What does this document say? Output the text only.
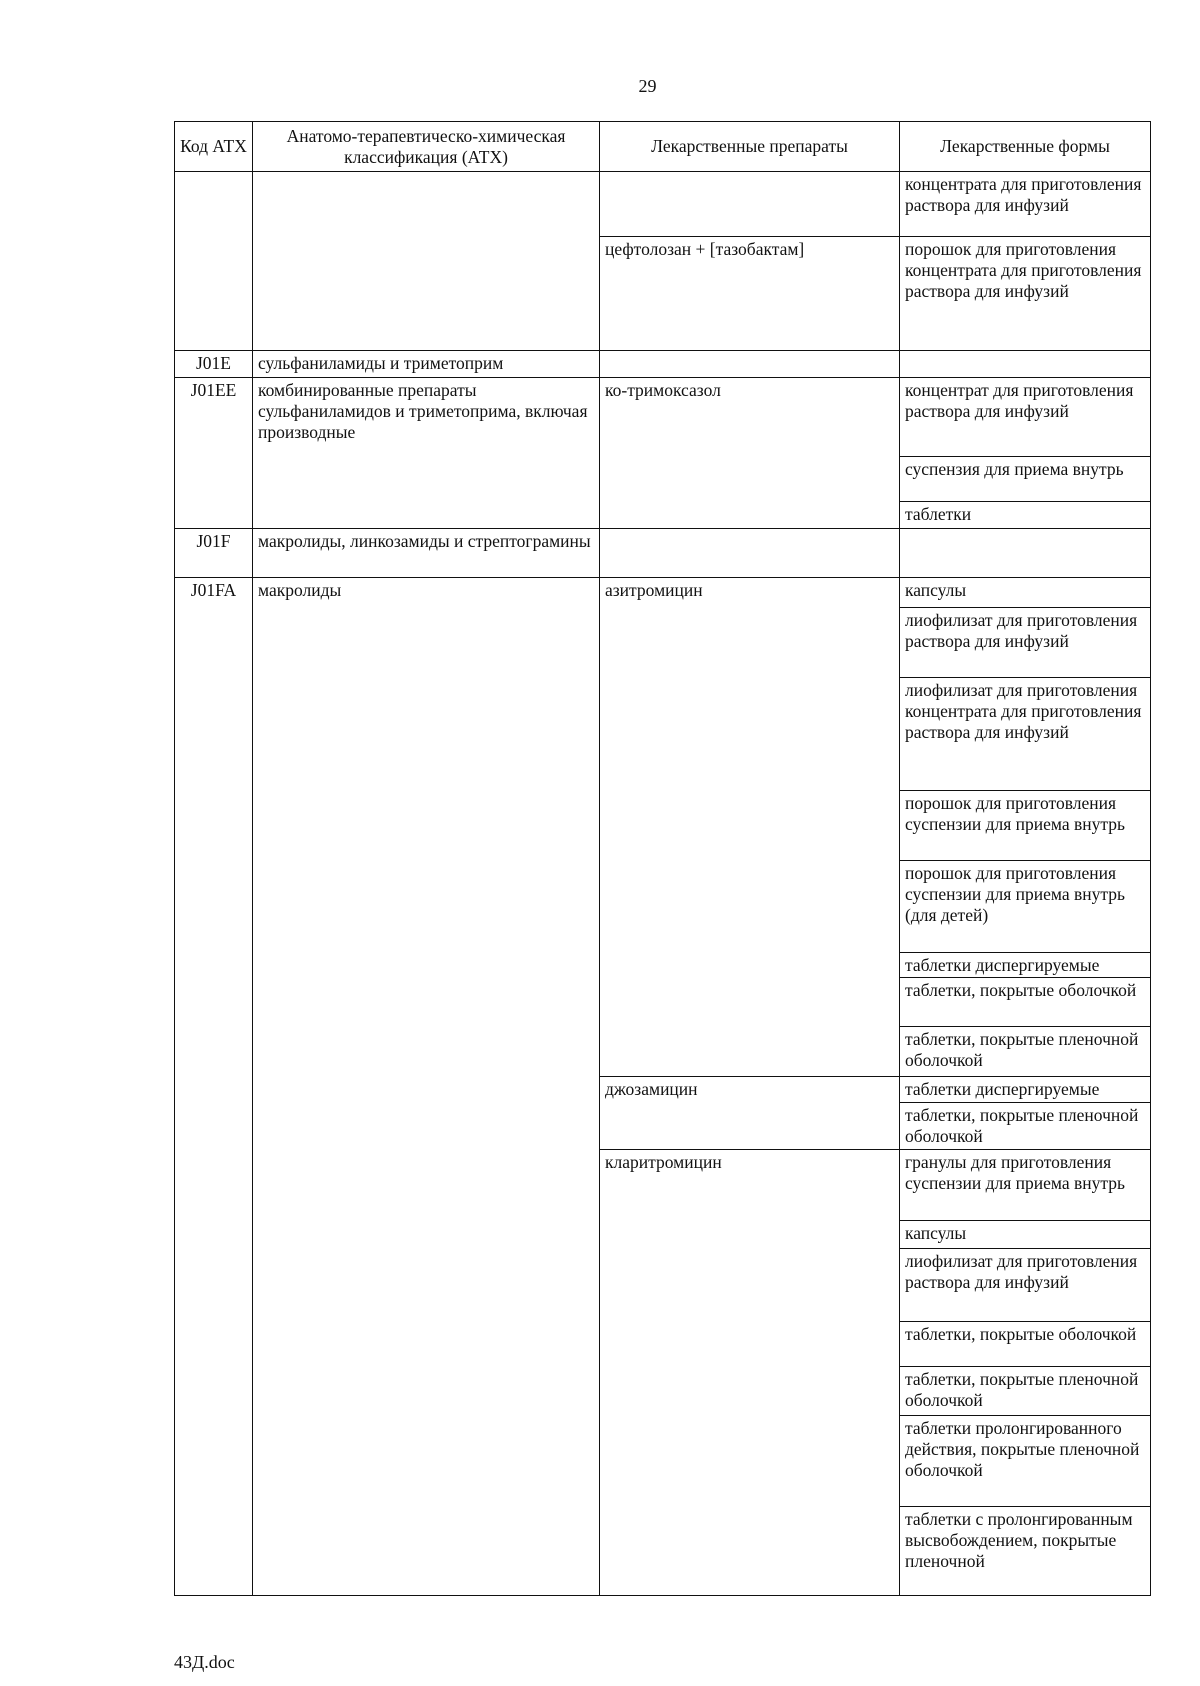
29
Код АТХ	Анатомо-терапевтическо-химическая классификация (АТХ)	Лекарственные препараты	Лекарственные формы
			концентрата для приготовления раствора для инфузий
		цефтолозан + [тазобактам]	порошок для приготовления концентрата для приготовления раствора для инфузий
J01E	сульфаниламиды и триметоприм		
J01EE	комбинированные препараты сульфаниламидов и триметоприма, включая производные	ко-тримоксазол	концентрат для приготовления раствора для инфузий
			суспензия для приема внутрь
			таблетки
J01F	макролиды, линкозамиды и стрептограмины		
J01FA	макролиды	азитромицин	капсулы
			лиофилизат для приготовления раствора для инфузий
			лиофилизат для приготовления концентрата для приготовления раствора для инфузий
			порошок для приготовления суспензии для приема внутрь
			порошок для приготовления суспензии для приема внутрь (для детей)
			таблетки диспергируемые
			таблетки, покрытые оболочкой
			таблетки, покрытые пленочной оболочкой
		джозамицин	таблетки диспергируемые
			таблетки, покрытые пленочной оболочкой
		кларитромицин	гранулы для приготовления суспензии для приема внутрь
			капсулы
			лиофилизат для приготовления раствора для инфузий
			таблетки, покрытые оболочкой
			таблетки, покрытые пленочной оболочкой
			таблетки пролонгированного действия, покрытые пленочной оболочкой
			таблетки с пролонгированным высвобождением, покрытые пленочной
43Д.doc
